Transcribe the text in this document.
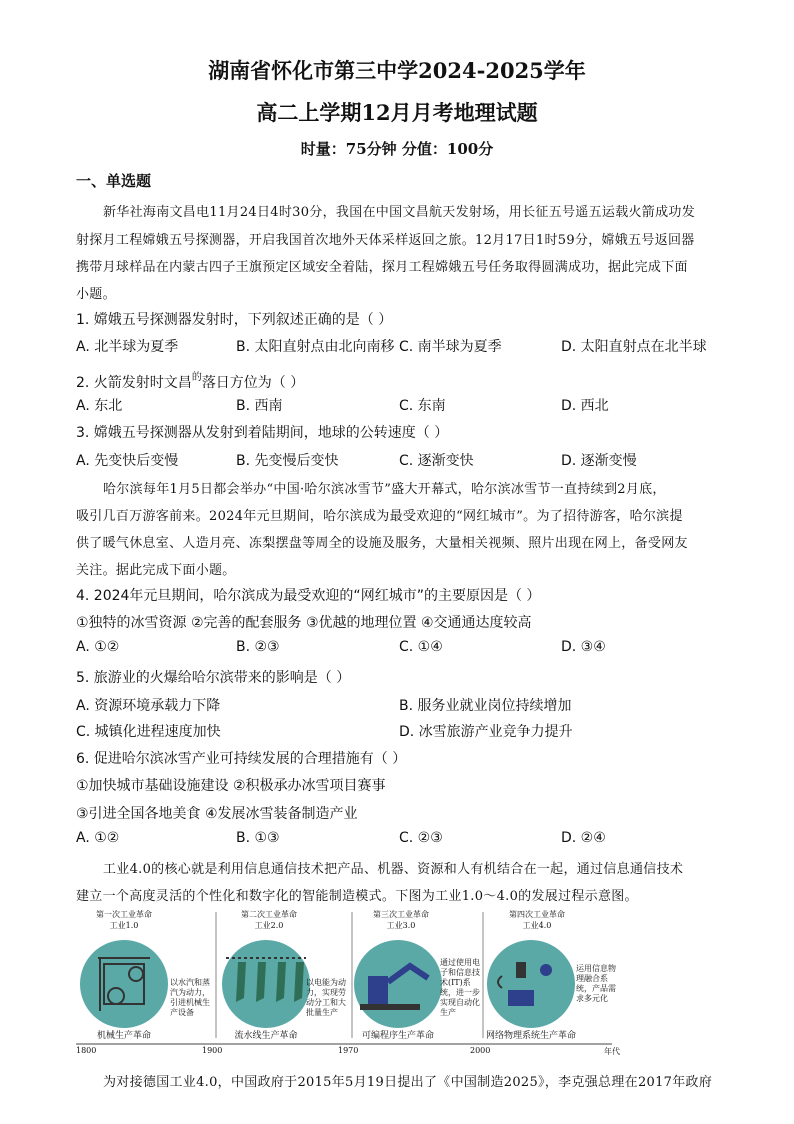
湖南省怀化市第三中学2024-2025学年
高二上学期12月月考地理试题
时量：75分钟 分值：100分
一、单选题
新华社海南文昌电11月24日4时30分，我国在中国文昌航天发射场，用长征五号遥五运载火箭成功发
射探月工程嫦娥五号探测器，开启我国首次地外天体采样返回之旅。12月17日1时59分，嫦娥五号返回器
携带月球样品在内蒙古四子王旗预定区域安全着陆，探月工程嫦娥五号任务取得圆满成功，据此完成下面
小题。
1. 嫦娥五号探测器发射时，下列叙述正确的是（ ）
A. 北半球为夏季	B. 太阳直射点由北向南移 C. 南半球为夏季	D. 太阳直射点在北半球
2. 火箭发射时文昌$^的$落日方位为（ ）
A. 东北	B. 西南	C. 东南	D. 西北
3. 嫦娥五号探测器从发射到着陆期间，地球的公转速度（ ）
A. 先变快后变慢	B. 先变慢后变快	C. 逐渐变快	D. 逐渐变慢
哈尔滨每年1月5日都会举办“中国·哈尔滨冰雪节”盛大开幕式，哈尔滨冰雪节一直持续到2月底，
吸引几百万游客前来。2024年元旦期间，哈尔滨成为最受欢迎的“网红城市”。为了招待游客，哈尔滨提
供了暖气休息室、人造月亮、冻梨摆盘等周全的设施及服务，大量相关视频、照片出现在网上，备受网友
关注。据此完成下面小题。
4. 2024年元旦期间，哈尔滨成为最受欢迎的“网红城市”的主要原因是（ ）
①独特的冰雪资源 ②完善的配套服务 ③优越的地理位置 ④交通通达度较高
A. ①②	B. ②③	C. ①④	D. ③④
5. 旅游业的火爆给哈尔滨带来的影响是（ ）
A. 资源环境承载力下降	B. 服务业就业岗位持续增加
C. 城镇化进程速度加快	D. 冰雪旅游产业竞争力提升
6. 促进哈尔滨冰雪产业可持续发展的合理措施有（ ）
①加快城市基础设施建设 ②积极承办冰雪项目赛事
③引进全国各地美食 ④发展冰雪装备制造产业
A. ①②	B. ①③	C. ②③	D. ②④
工业4.0的核心就是利用信息通信技术把产品、机器、资源和人有机结合在一起，通过信息通信技术
建立一个高度灵活的个性化和数字化的智能制造模式。下图为工业1.0～4.0的发展过程示意图。
第一次工业革命
工业1.0
第二次工业革命
工业2.0
第三次工业革命
工业3.0
第四次工业革命
工业4.0
以水汽和蒸汽为动力，引进机械生产设备
以电能为动力，实现劳动分工和大批量生产
通过使用电子和信息技术(IT)系统，进一步实现自动化生产
运用信息物理融合系统，产品需求多元化
机械生产革命	流水线生产革命	可编程序生产革命	网络物理系统生产革命
1800	1900	1970	2000	年代
为对接德国工业4.0，中国政府于2015年5月19日提出了《中国制造2025》，李克强总理在2017年政府
